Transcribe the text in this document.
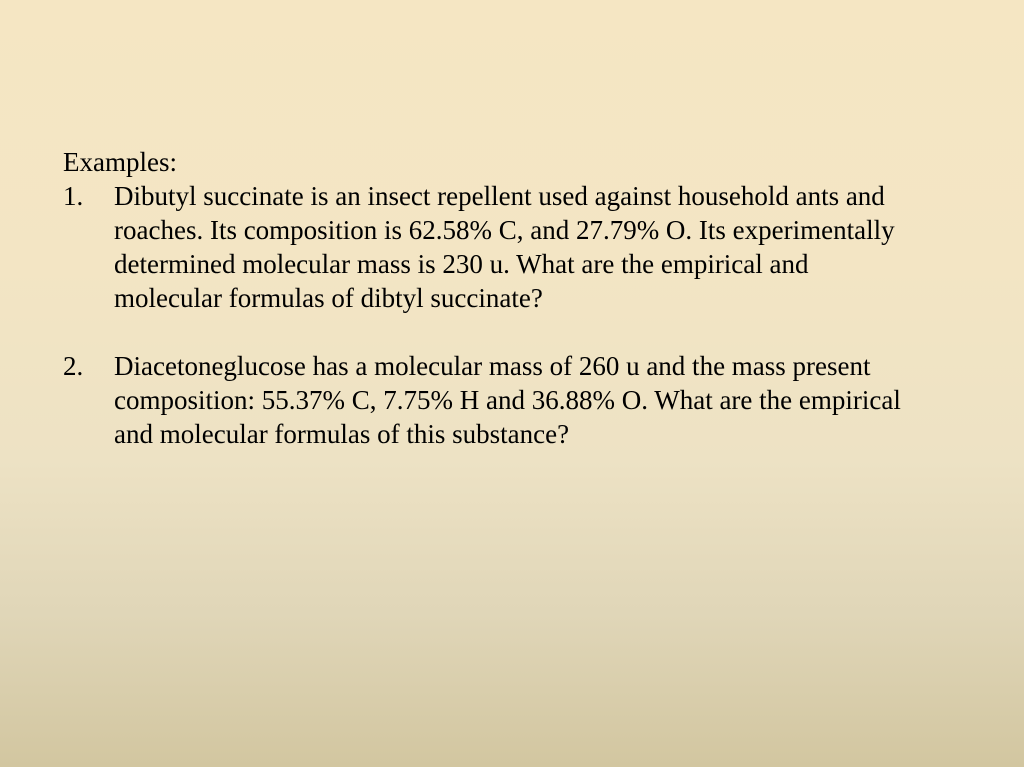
Examples:
1.	Dibutyl succinate is an insect repellent used against household ants and
roaches. Its composition is 62.58% C, and 27.79% O. Its experimentally
determined molecular mass is 230 u. What are the empirical and
molecular formulas of dibtyl succinate?
2.	Diacetoneglucose has a molecular mass of 260 u and the mass present
composition: 55.37% C, 7.75% H and 36.88% O. What are the empirical
and molecular formulas of this substance?
